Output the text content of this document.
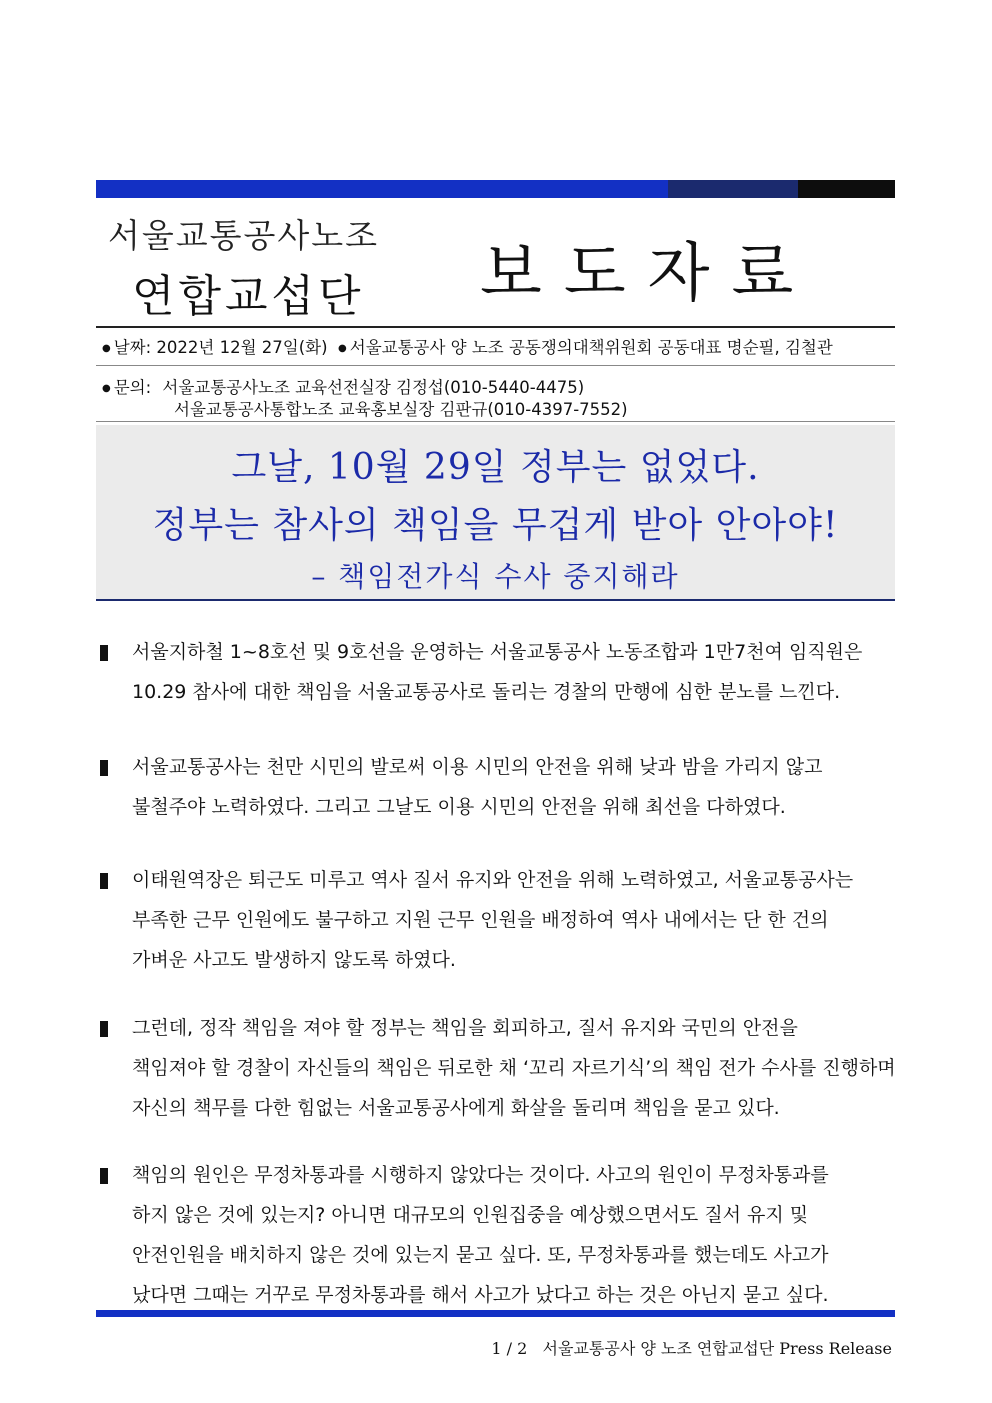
서울교통공사노조
연합교섭단 보도자료
● 날짜: 2022년 12월 27일(화) ● 서울교통공사 양 노조 공동쟁의대책위원회 공동대표 명순필, 김철관
● 문의: 서울교통공사노조 교육선전실장 김정섭(010-5440-4475)
서울교통공사통합노조 교육홍보실장 김판규(010-4397-7552)
그날, 10월 29일 정부는 없었다.
정부는 참사의 책임을 무겁게 받아 안아야!
– 책임전가식 수사 중지해라
서울지하철 1~8호선 및 9호선을 운영하는 서울교통공사 노동조합과 1만7천여 임직원은
10.29 참사에 대한 책임을 서울교통공사로 돌리는 경찰의 만행에 심한 분노를 느낀다.
서울교통공사는 천만 시민의 발로써 이용 시민의 안전을 위해 낮과 밤을 가리지 않고
불철주야 노력하였다. 그리고 그날도 이용 시민의 안전을 위해 최선을 다하였다.
이태원역장은 퇴근도 미루고 역사 질서 유지와 안전을 위해 노력하였고, 서울교통공사는
부족한 근무 인원에도 불구하고 지원 근무 인원을 배정하여 역사 내에서는 단 한 건의
가벼운 사고도 발생하지 않도록 하였다.
그런데, 정작 책임을 져야 할 정부는 책임을 회피하고, 질서 유지와 국민의 안전을
책임져야 할 경찰이 자신들의 책임은 뒤로한 채 ‘꼬리 자르기식’의 책임 전가 수사를 진행하며
자신의 책무를 다한 힘없는 서울교통공사에게 화살을 돌리며 책임을 묻고 있다.
책임의 원인은 무정차통과를 시행하지 않았다는 것이다. 사고의 원인이 무정차통과를
하지 않은 것에 있는지? 아니면 대규모의 인원집중을 예상했으면서도 질서 유지 및
안전인원을 배치하지 않은 것에 있는지 묻고 싶다. 또, 무정차통과를 했는데도 사고가
났다면 그때는 거꾸로 무정차통과를 해서 사고가 났다고 하는 것은 아닌지 묻고 싶다.
1 / 2 서울교통공사 양 노조 연합교섭단 Press Release
